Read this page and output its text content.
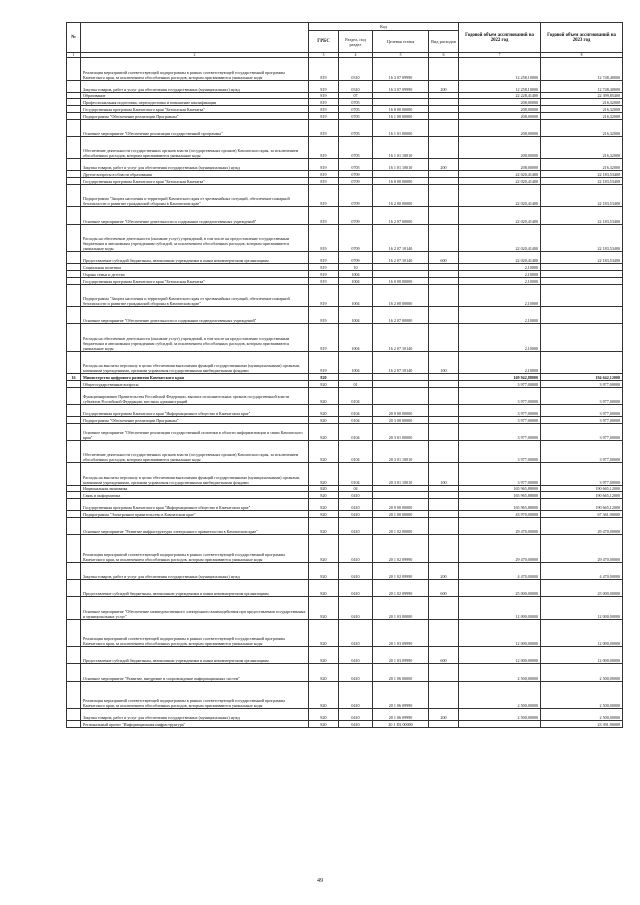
№	Наименование	Код				Годовой объем ассигнований на 2022 год	Годовой объем ассигнований на 2023 год
		ГРБС	Раздел, под раздел	Целевая статья	Вид расходов		
1	2	3	4	5	6	7	8
	Реализация мероприятий соответствующей подпрограммы в рамках соответствующей государственной программы Камчатского края, за исключением обособленных расходов, которым присваиваются уникальные коды	819	0310	16 3 07 09990		12 258,10000	12 748,40000
	Закупка товаров, работ и услуг для обеспечения государственных (муниципальных) нужд	819	0310	16 3 07 09990	200	12 258,10000	12 748,40000
	Образование	819	07			22 228,41400	22 399,85400
	Профессиональная подготовка, переподготовка и повышение квалификации	819	0705			208,00000	216,32000
	Государственная программа Камчатского края "Безопасная Камчатка"	819	0705	16 0 00 00000		208,00000	216,32000
	Подпрограмма "Обеспечение реализации Программы"	819	0705	16 1 00 00000		208,00000	216,32000
	Основное мероприятие "Обеспечение реализации государственной программы"	819	0705	16 1 01 00000		208,00000	216,32000
	Обеспечение деятельности государственных органов власти (государственных органов) Камчатского края, за исключением обособленных расходов, которым присваиваются уникальные коды	819	0705	16 1 01 10010		208,00000	216,32000
	Закупка товаров, работ и услуг для обеспечения государственных (муниципальных) нужд	819	0705	16 1 01 10010	200	208,00000	216,32000
	Другие вопросы в области образования	819	0709			22 020,41400	22 183,53400
	Государственная программа Камчатского края "Безопасная Камчатка"	819	0709	16 0 00 00000		22 020,41400	22 183,53400
	Подпрограмма "Защита населения и территорий Камчатского края от чрезвычайных ситуаций, обеспечение пожарной безопасности и развитие гражданской обороны в Камчатском крае"	819	0709	16 2 00 00000		22 020,41400	22 183,53400
	Основное мероприятие "Обеспечение деятельности и содержание подведомственных учреждений"	819	0709	16 2 07 00000		22 020,41400	22 183,53400
	Расходы на обеспечение деятельности (оказание услуг) учреждений, в том числе на предоставление государственным бюджетным и автономным учреждениям субсидий, за исключением обособленных расходов, которым присваиваются уникальные коды	819	0709	16 2 07 10140		22 020,41400	22 183,53400
	Предоставление субсидий бюджетным, автономным учреждениям и иным некоммерческим организациям	819	0709	16 2 07 10140	600	22 020,41400	22 183,53400
	Социальная политика	819	10			2,10000	
	Охрана семьи и детства	819	1004			2,10000	
	Государственная программа Камчатского края "Безопасная Камчатка"	819	1004	16 0 00 00000		2,10000	
	Подпрограмма "Защита населения и территорий Камчатского края от чрезвычайных ситуаций, обеспечение пожарной безопасности и развитие гражданской обороны в Камчатском крае"	819	1004	16 2 00 00000		2,10000	
	Основное мероприятие "Обеспечение деятельности и содержание подведомственных учреждений"	819	1004	16 2 07 00000		2,10000	
	Расходы на обеспечение деятельности (оказание услуг) учреждений, в том числе на предоставление государственным бюджетным и автономным учреждениям субсидий, за исключением обособленных расходов, которым присваиваются уникальные коды	819	1004	16 2 07 10140		2,10000	
	Расходы на выплаты персоналу в целях обеспечения выполнения функций государственными (муниципальными) органами, казенными учреждениями, органами управления государственными внебюджетными фондами	819	1004	16 2 07 10140	100	2,10000	
16	Министерство цифрового развития Камчатского края	820				169 942,88000	194 642,12000
	Общегосударственные вопросы	820	01			3 977,00000	3 977,00000
	Функционирование Правительства Российской Федерации, высших исполнительных органов государственной власти субъектов Российской Федерации, местных администраций	820	0104			3 977,00000	3 977,00000
	Государственная программа Камчатского края "Информационное общество в Камчатском крае"	820	0104	20 0 00 00000		3 977,00000	3 977,00000
	Подпрограмма "Обеспечение реализации Программы"	820	0104	20 3 00 00000		3 977,00000	3 977,00000
	Основное мероприятие "Обеспечение реализации государственной политики в области информатизации и связи Камчатского края"	820	0104	20 3 01 00000		3 977,00000	3 977,00000
	Обеспечение деятельности государственных органов власти (государственных органов) Камчатского края, за исключением обособленных расходов, которым присваиваются уникальные коды	820	0104	20 3 01 10010		3 977,00000	3 977,00000
	Расходы на выплаты персоналу в целях обеспечения выполнения функций государственными (муниципальными) органами, казенными учреждениями, органами управления государственными внебюджетными фондами	820	0104	20 3 01 10010	100	3 977,00000	3 977,00000
	Национальная экономика	820	04			165 965,88000	190 665,12000
	Связь и информатика	820	0410			165 965,88000	190 665,12000
	Государственная программа Камчатского края "Информационное общество в Камчатском крае"	820	0410	20 0 00 00000		165 965,88000	190 665,12000
	Подпрограмма "Электронное правительство в Камчатском крае"	820	0410	20 1 00 00000		43 970,00000	67 361,90000
	Основное мероприятие "Развитие инфраструктуры электронного правительства в Камчатском крае"	820	0410	20 1 02 00000		29 470,00000	29 470,00000
	Реализация мероприятий соответствующей подпрограммы в рамках соответствующей государственной программы Камчатского края, за исключением обособленных расходов, которым присваиваются уникальные коды	820	0410	20 1 02 09990		29 470,00000	29 470,00000
	Закупка товаров, работ и услуг для обеспечения государственных (муниципальных) нужд	820	0410	20 1 02 09990	200	4 470,00000	4 470,00000
	Предоставление субсидий бюджетным, автономным учреждениям и иным некоммерческим организациям	820	0410	20 1 02 09990	600	25 000,00000	25 000,00000
	Основное мероприятие "Обеспечение межведомственного электронного взаимодействия при предоставлении государственных и муниципальных услуг"	820	0410	20 1 03 00000		12 000,00000	12 000,00000
	Реализация мероприятий соответствующей подпрограммы в рамках соответствующей государственной программы Камчатского края, за исключением обособленных расходов, которым присваиваются уникальные коды	820	0410	20 1 03 09990		12 000,00000	12 000,00000
	Предоставление субсидий бюджетным, автономным учреждениям и иным некоммерческим организациям	820	0410	20 1 03 09990	600	12 000,00000	12 000,00000
	Основное мероприятие "Развитие, внедрение и сопровождение информационных систем"	820	0410	20 1 06 00000		2 500,00000	2 500,00000
	Реализация мероприятий соответствующей подпрограммы в рамках соответствующей государственной программы Камчатского края, за исключением обособленных расходов, которым присваиваются уникальные коды	820	0410	20 1 06 09990		2 500,00000	2 500,00000
	Закупка товаров, работ и услуг для обеспечения государственных (муниципальных) нужд	820	0410	20 1 06 09990	200	2 500,00000	2 500,00000
	Региональный проект "Информационная инфраструктура"	820	0410	20 1 D2 00000			23 391,90000
49
